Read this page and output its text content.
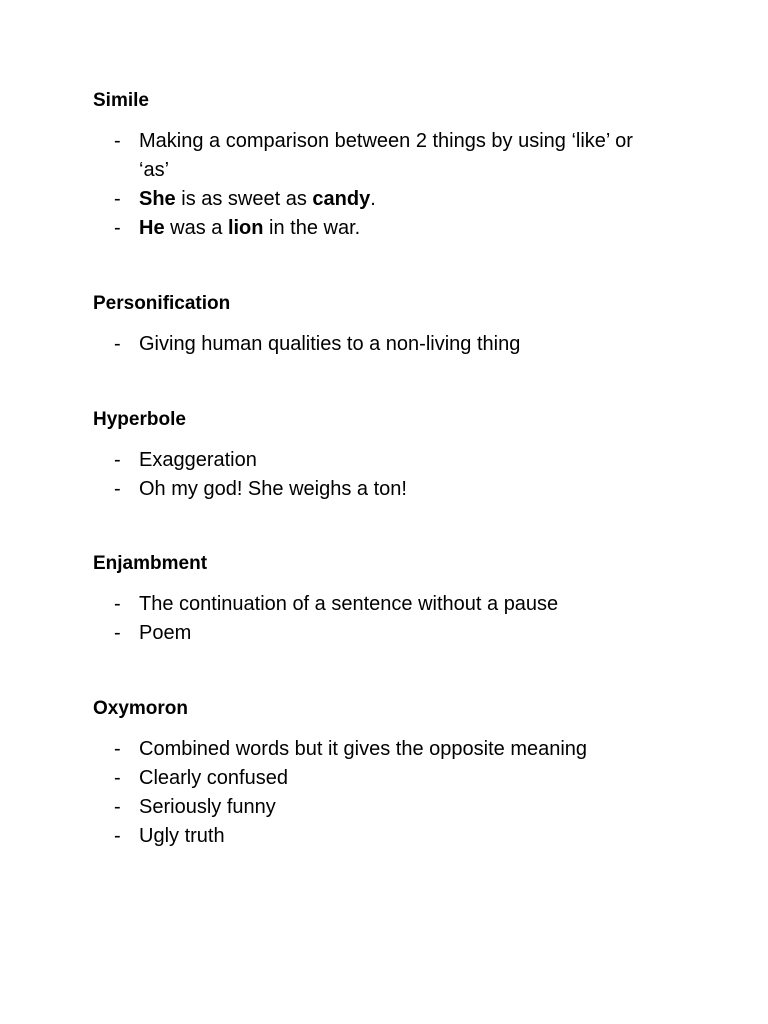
Simile
- Making a comparison between 2 things by using ‘like’ or
‘as’
- She is as sweet as candy.
- He was a lion in the war.
Personification
- Giving human qualities to a non-living thing
Hyperbole
- Exaggeration
- Oh my god! She weighs a ton!
Enjambment
- The continuation of a sentence without a pause
- Poem
Oxymoron
- Combined words but it gives the opposite meaning
- Clearly confused
- Seriously funny
- Ugly truth
